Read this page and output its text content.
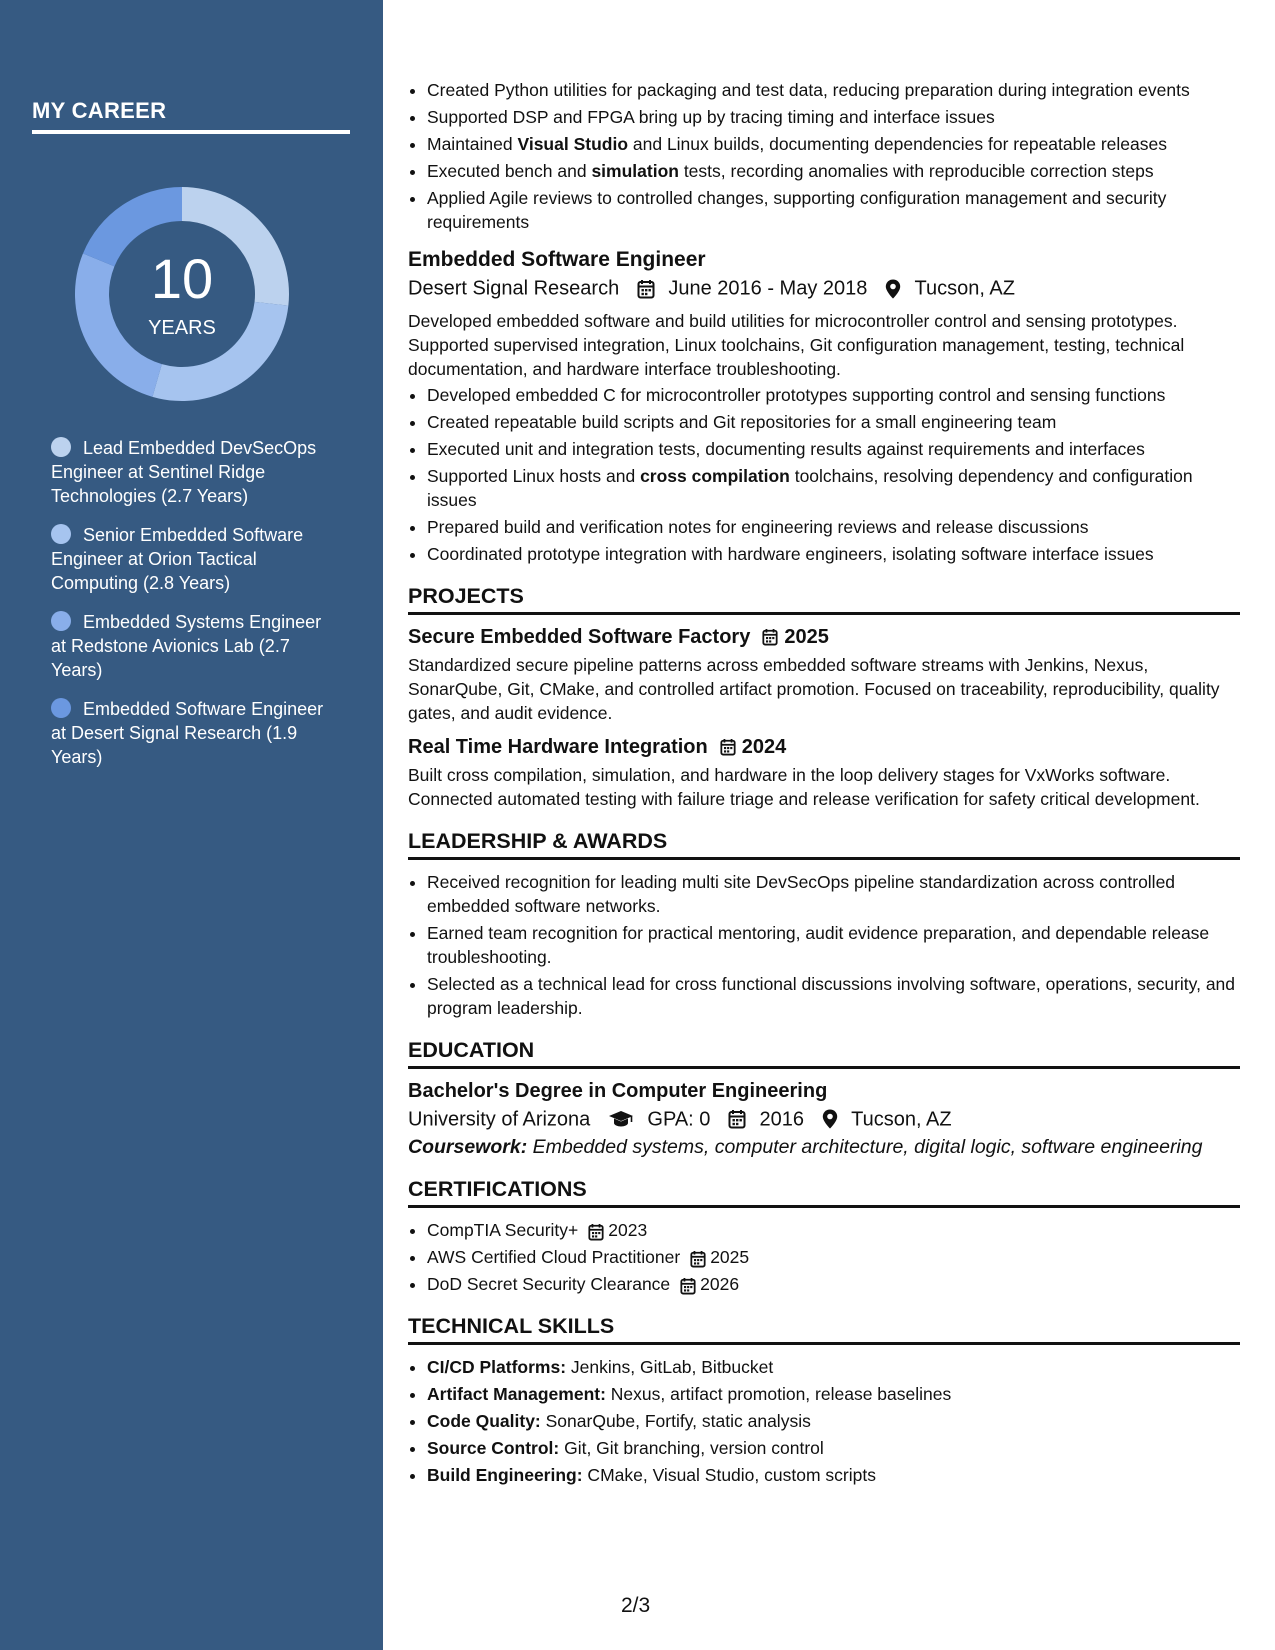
MY CAREER
10
YEARS
Lead Embedded DevSecOps Engineer at Sentinel Ridge Technologies (2.7 Years)
Senior Embedded Software Engineer at Orion Tactical Computing (2.8 Years)
Embedded Systems Engineer at Redstone Avionics Lab (2.7 Years)
Embedded Software Engineer at Desert Signal Research (1.9 Years)
• Created Python utilities for packaging and test data, reducing preparation during integration events
• Supported DSP and FPGA bring up by tracing timing and interface issues
• Maintained Visual Studio and Linux builds, documenting dependencies for repeatable releases
• Executed bench and simulation tests, recording anomalies with reproducible correction steps
• Applied Agile reviews to controlled changes, supporting configuration management and security requirements
Embedded Software Engineer
Desert Signal Research June 2016 - May 2018 Tucson, AZ

Developed embedded software and build utilities for microcontroller control and sensing prototypes. Supported supervised integration, Linux toolchains, Git configuration management, testing, technical documentation, and hardware interface troubleshooting.

• Developed embedded C for microcontroller prototypes supporting control and sensing functions
• Created repeatable build scripts and Git repositories for a small engineering team
• Executed unit and integration tests, documenting results against requirements and interfaces
• Supported Linux hosts and cross compilation toolchains, resolving dependency and configuration issues
• Prepared build and verification notes for engineering reviews and release discussions
• Coordinated prototype integration with hardware engineers, isolating software interface issues
PROJECTS
Secure Embedded Software Factory 2025

Standardized secure pipeline patterns across embedded software streams with Jenkins, Nexus, SonarQube, Git, CMake, and controlled artifact promotion. Focused on traceability, reproducibility, quality gates, and audit evidence.

Real Time Hardware Integration 2024

Built cross compilation, simulation, and hardware in the loop delivery stages for VxWorks software. Connected automated testing with failure triage and release verification for safety critical development.

LEADERSHIP & AWARDS
• Received recognition for leading multi site DevSecOps pipeline standardization across controlled embedded software networks.
• Earned team recognition for practical mentoring, audit evidence preparation, and dependable release troubleshooting.
• Selected as a technical lead for cross functional discussions involving software, operations, security, and program leadership.
EDUCATION
Bachelor's Degree in Computer Engineering
University of Arizona	GPA: 0 2016 Tucson, AZ
Coursework: Embedded systems, computer architecture, digital logic, software engineering
CERTIFICATIONS
• CompTIA Security+ 2023
• AWS Certified Cloud Practitioner 2025
• DoD Secret Security Clearance 2026
TECHNICAL SKILLS
• CI/CD Platforms: Jenkins, GitLab, Bitbucket
• Artifact Management: Nexus, artifact promotion, release baselines
• Code Quality: SonarQube, Fortify, static analysis
• Source Control: Git, Git branching, version control
• Build Engineering: CMake, Visual Studio, custom scripts
2/3
